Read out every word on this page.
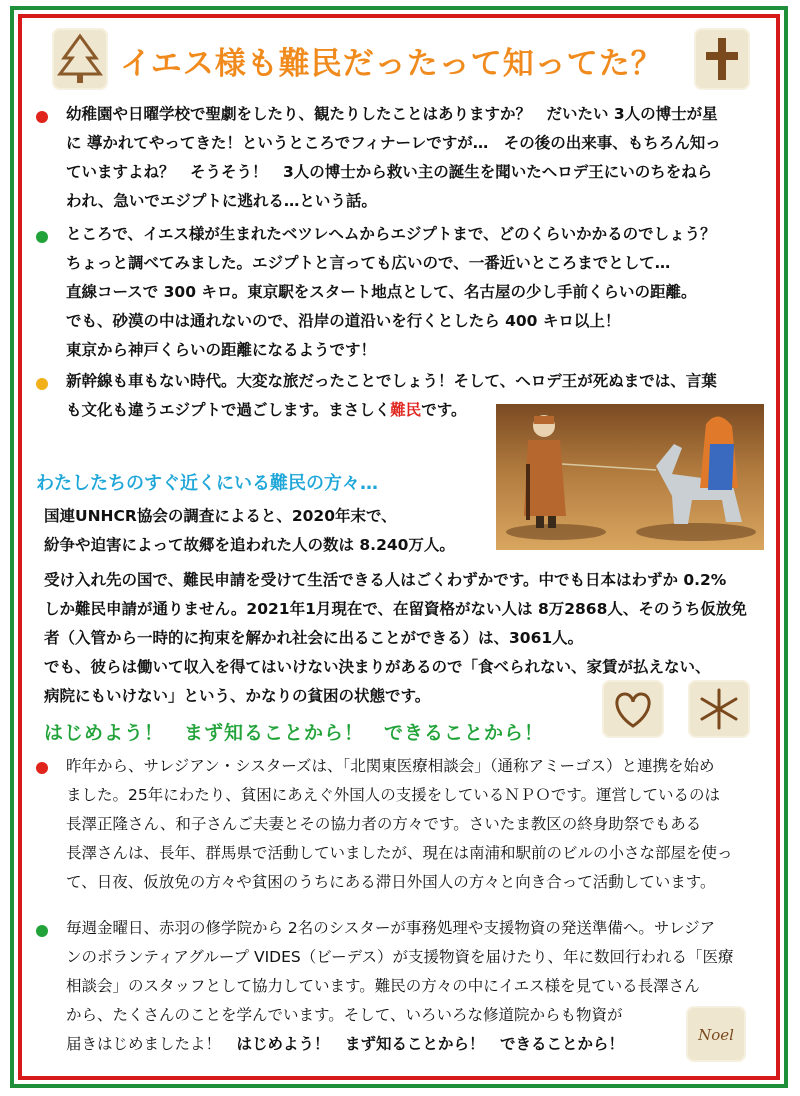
イエス様も難民だったって知ってた？

幼稚園や日曜学校で聖劇をしたり、観たりしたことはありますか？　だいたい 3人の博士が星

に 導かれてやってきた！というところでフィナーレですが…　その後の出来事、もちろん知っ

ていますよね？　そうそう！　3人の博士から救い主の誕生を聞いたヘロデ王にいのちをねら

われ、急いでエジプトに逃れる…という話。

ところで、イエス様が生まれたベツレヘムからエジプトまで、どのくらいかかるのでしょう？

ちょっと調べてみました。エジプトと言っても広いので、一番近いところまでとして…

直線コースで 300 キロ。東京駅をスタート地点として、名古屋の少し手前くらいの距離。

でも、砂漠の中は通れないので、沿岸の道沿いを行くとしたら 400 キロ以上！

東京から神戸くらいの距離になるようです！

新幹線も車もない時代。大変な旅だったことでしょう！そして、ヘロデ王が死ぬまでは、言葉

も文化も違うエジプトで過ごします。まさしく難民です。

わたしたちのすぐ近くにいる難民の方々…

国連UNHCR協会の調査によると、2020年末で、

紛争や迫害によって故郷を追われた人の数は 8.240万人。

受け入れ先の国で、難民申請を受けて生活できる人はごくわずかです。中でも日本はわずか 0.2%

しか難民申請が通りません。2021年1月現在で、在留資格がない人は 8万2868人、そのうち仮放免

者（入管から一時的に拘束を解かれ社会に出ることができる）は、3061人。

でも、彼らは働いて収入を得てはいけない決まりがあるので「食べられない、家賃が払えない、

病院にもいけない」という、かなりの貧困の状態です。

はじめよう！　まず知ることから！　できることから！

昨年から、サレジアン・シスターズは、「北関東医療相談会」（通称アミーゴス）と連携を始め

ました。25年にわたり、貧困にあえぐ外国人の支援をしているＮＰＯです。運営しているのは

長澤正隆さん、和子さんご夫妻とその協力者の方々です。さいたま教区の終身助祭でもある

長澤さんは、長年、群馬県で活動していましたが、現在は南浦和駅前のビルの小さな部屋を使っ

て、日夜、仮放免の方々や貧困のうちにある滞日外国人の方々と向き合って活動しています。

毎週金曜日、赤羽の修学院から 2名のシスターが事務処理や支援物資の発送準備へ。サレジア

ンのボランティアグループ VIDES（ビーデス）が支援物資を届けたり、年に数回行われる「医療

相談会」のスタッフとして協力しています。難民の方々の中にイエス様を見ている長澤さん

から、たくさんのことを学んでいます。そして、いろいろな修道院からも物資が

届きはじめましたよ！　 はじめよう！　まず知ることから！　できることから！	Noel
